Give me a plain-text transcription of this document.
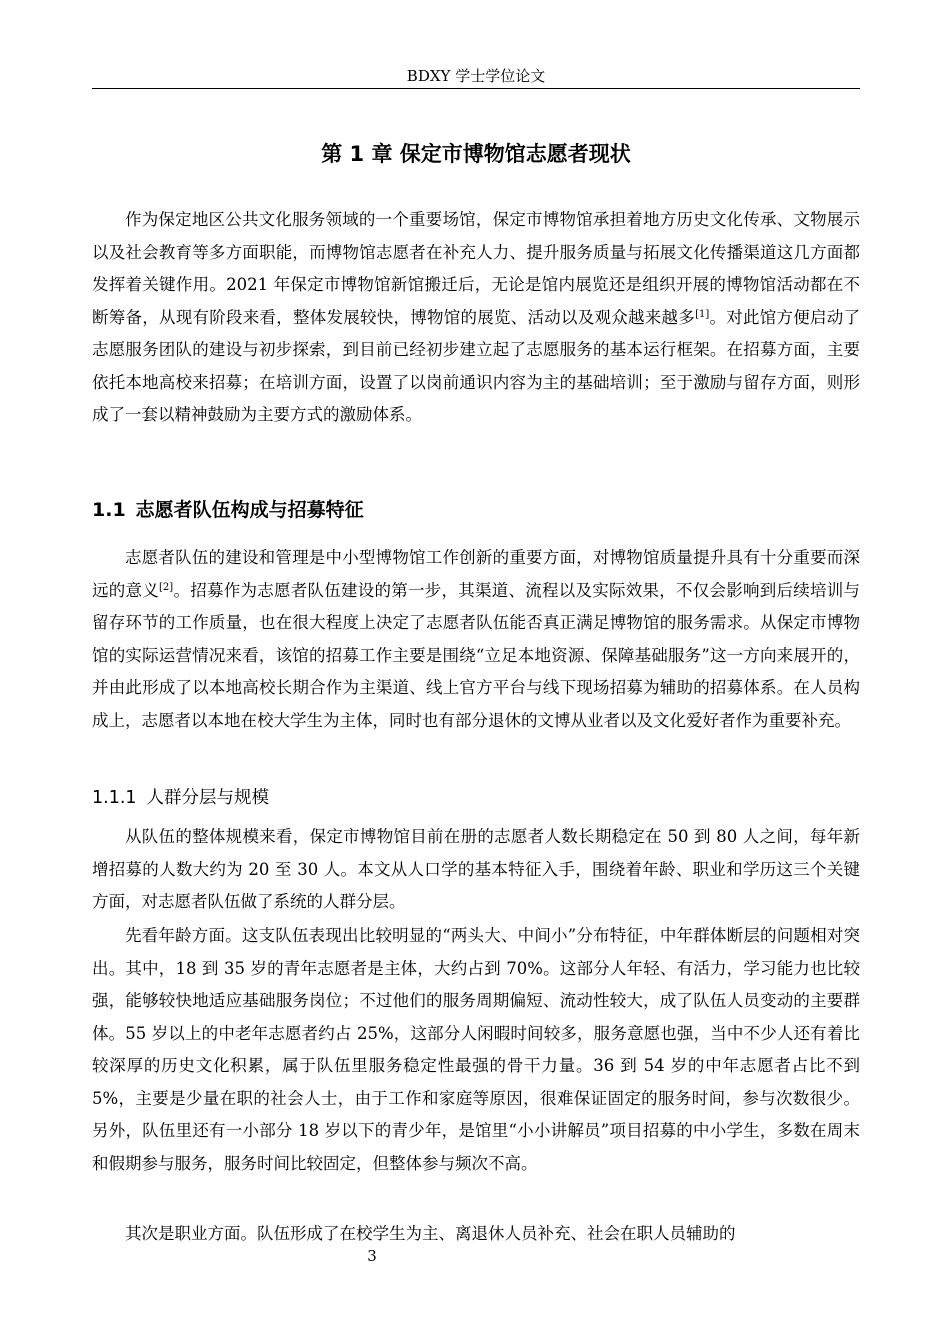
BDXY 学士学位论文
第 1 章 保定市博物馆志愿者现状

作为保定地区公共文化服务领域的一个重要场馆，保定市博物馆承担着地方历史文化传承、文物展示以及社会教育等多方面职能，而博物馆志愿者在补充人力、提升服务质量与拓展文化传播渠道这几方面都发挥着关键作用。2021 年保定市博物馆新馆搬迁后，无论是馆内展览还是组织开展的博物馆活动都在不断筹备，从现有阶段来看，整体发展较快，博物馆的展览、活动以及观众越来越多[1]。对此馆方便启动了志愿服务团队的建设与初步探索，到目前已经初步建立起了志愿服务的基本运行框架。在招募方面，主要依托本地高校来招募；在培训方面，设置了以岗前通识内容为主的基础培训；至于激励与留存方面，则形成了一套以精神鼓励为主要方式的激励体系。

1.1 志愿者队伍构成与招募特征

志愿者队伍的建设和管理是中小型博物馆工作创新的重要方面，对博物馆质量提升具有十分重要而深远的意义[2]。招募作为志愿者队伍建设的第一步，其渠道、流程以及实际效果，不仅会影响到后续培训与留存环节的工作质量，也在很大程度上决定了志愿者队伍能否真正满足博物馆的服务需求。从保定市博物馆的实际运营情况来看，该馆的招募工作主要是围绕“立足本地资源、保障基础服务”这一方向来展开的，并由此形成了以本地高校长期合作为主渠道、线上官方平台与线下现场招募为辅助的招募体系。在人员构成上，志愿者以本地在校大学生为主体，同时也有部分退休的文博从业者以及文化爱好者作为重要补充。

1.1.1 人群分层与规模

从队伍的整体规模来看，保定市博物馆目前在册的志愿者人数长期稳定在 50 到 80 人之间，每年新增招募的人数大约为 20 至 30 人。本文从人口学的基本特征入手，围绕着年龄、职业和学历这三个关键方面，对志愿者队伍做了系统的人群分层。

先看年龄方面。这支队伍表现出比较明显的“两头大、中间小”分布特征，中年群体断层的问题相对突出。其中，18 到 35 岁的青年志愿者是主体，大约占到 70%。这部分人年轻、有活力，学习能力也比较强，能够较快地适应基础服务岗位；不过他们的服务周期偏短、流动性较大，成了队伍人员变动的主要群体。55 岁以上的中老年志愿者约占 25%，这部分人闲暇时间较多，服务意愿也强，当中不少人还有着比较深厚的历史文化积累，属于队伍里服务稳定性最强的骨干力量。36 到 54 岁的中年志愿者占比不到 5%，主要是少量在职的社会人士，由于工作和家庭等原因，很难保证固定的服务时间，参与次数很少。另外，队伍里还有一小部分 18 岁以下的青少年，是馆里“小小讲解员”项目招募的中小学生，多数在周末和假期参与服务，服务时间比较固定，但整体参与频次不高。

其次是职业方面。队伍形成了在校学生为主、离退休人员补充、社会在职人员辅助的

3
